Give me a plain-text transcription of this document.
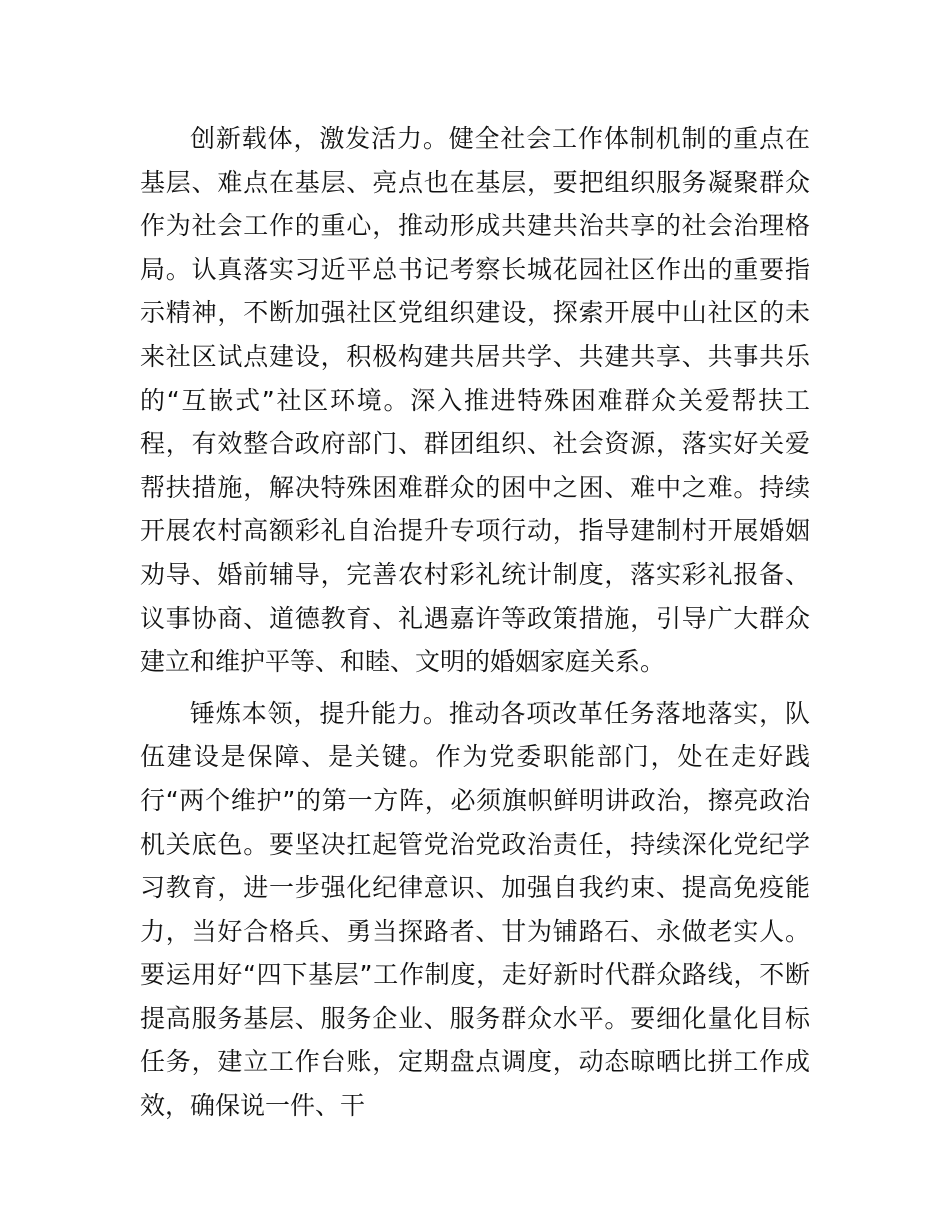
创新载体，激发活力。健全社会工作体制机制的重点在基层、难点在基层、亮点也在基层，要把组织服务凝聚群众作为社会工作的重心，推动形成共建共治共享的社会治理格局。认真落实习近平总书记考察长城花园社区作出的重要指示精神，不断加强社区党组织建设，探索开展中山社区的未来社区试点建设，积极构建共居共学、共建共享、共事共乐的“互嵌式”社区环境。深入推进特殊困难群众关爱帮扶工程，有效整合政府部门、群团组织、社会资源，落实好关爱帮扶措施，解决特殊困难群众的困中之困、难中之难。持续开展农村高额彩礼自治提升专项行动，指导建制村开展婚姻劝导、婚前辅导，完善农村彩礼统计制度，落实彩礼报备、议事协商、道德教育、礼遇嘉许等政策措施，引导广大群众建立和维护平等、和睦、文明的婚姻家庭关系。

锤炼本领，提升能力。推动各项改革任务落地落实，队伍建设是保障、是关键。作为党委职能部门，处在走好践行“两个维护”的第一方阵，必须旗帜鲜明讲政治，擦亮政治机关底色。要坚决扛起管党治党政治责任，持续深化党纪学习教育，进一步强化纪律意识、加强自我约束、提高免疫能力，当好合格兵、勇当探路者、甘为铺路石、永做老实人。要运用好“四下基层”工作制度，走好新时代群众路线，不断提高服务基层、服务企业、服务群众水平。要细化量化目标任务，建立工作台账，定期盘点调度，动态晾晒比拼工作成效，确保说一件、干
